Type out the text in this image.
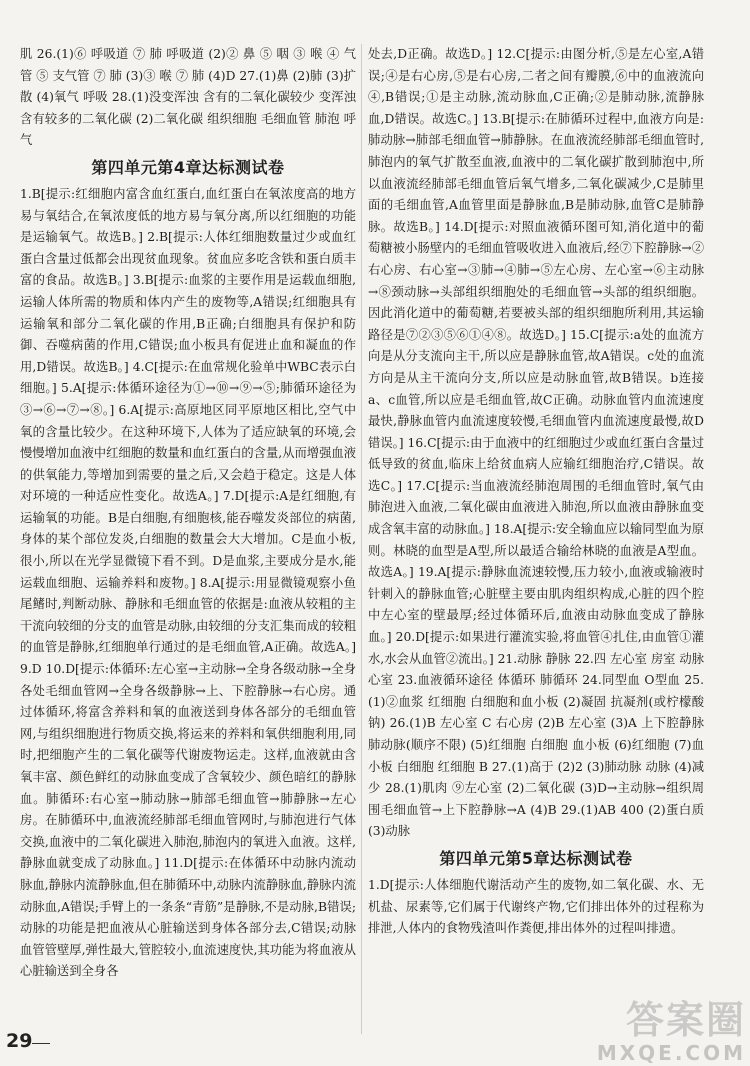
肌 26.(1)⑥ 呼吸道 ⑦ 肺 呼吸道 (2)② 鼻 ⑤ 咽 ③ 喉 ④ 气管 ⑤ 支气管 ⑦ 肺 (3)③ 喉 ⑦ 肺 (4)D 27.(1)鼻 (2)肺 (3)扩散 (4)氧气 呼吸 28.(1)没变浑浊 含有的二氧化碳较少 变浑浊 含有较多的二氧化碳 (2)二氧化碳 组织细胞 毛细血管 肺泡 呼气

第四单元第4章达标测试卷

1.B[提示:红细胞内富含血红蛋白,血红蛋白在氧浓度高的地方易与氧结合,在氧浓度低的地方易与氧分离,所以红细胞的功能是运输氧气。故选B。] 2.B[提示:人体红细胞数量过少或血红蛋白含量过低都会出现贫血现象。贫血应多吃含铁和蛋白质丰富的食品。故选B。] 3.B[提示:血浆的主要作用是运载血细胞,运输人体所需的物质和体内产生的废物等,A错误;红细胞具有运输氧和部分二氧化碳的作用,B正确;白细胞具有保护和防御、吞噬病菌的作用,C错误;血小板具有促进止血和凝血的作用,D错误。故选B。] 4.C[提示:在血常规化验单中WBC表示白细胞。] 5.A[提示:体循环途径为①→⑩→⑨→⑤;肺循环途径为③→⑥→⑦→⑧。] 6.A[提示:高原地区同平原地区相比,空气中氧的含量比较少。在这种环境下,人体为了适应缺氧的环境,会慢慢增加血液中红细胞的数量和血红蛋白的含量,从而增强血液的供氧能力,等增加到需要的量之后,又会趋于稳定。这是人体对环境的一种适应性变化。故选A。] 7.D[提示:A是红细胞,有运输氧的功能。B是白细胞,有细胞核,能吞噬发炎部位的病菌,身体的某个部位发炎,白细胞的数量会大大增加。C是血小板,很小,所以在光学显微镜下看不到。D是血浆,主要成分是水,能运载血细胞、运输养料和废物。] 8.A[提示:用显微镜观察小鱼尾鳍时,判断动脉、静脉和毛细血管的依据是:血液从较粗的主干流向较细的分支的血管是动脉,由较细的分支汇集而成的较粗的血管是静脉,红细胞单行通过的是毛细血管,A正确。故选A。] 9.D 10.D[提示:体循环:左心室→主动脉→全身各级动脉→全身各处毛细血管网→全身各级静脉→上、下腔静脉→右心房。通过体循环,将富含养料和氧的血液送到身体各部分的毛细血管网,与组织细胞进行物质交换,将运来的养料和氧供细胞利用,同时,把细胞产生的二氧化碳等代谢废物运走。这样,血液就由含氧丰富、颜色鲜红的动脉血变成了含氧较少、颜色暗红的静脉血。肺循环:右心室→肺动脉→肺部毛细血管→肺静脉→左心房。在肺循环中,血液流经肺部毛细血管网时,与肺泡进行气体交换,血液中的二氧化碳进入肺泡,肺泡内的氧进入血液。这样,静脉血就变成了动脉血。] 11.D[提示:在体循环中动脉内流动脉血,静脉内流静脉血,但在肺循环中,动脉内流静脉血,静脉内流动脉血,A错误;手臂上的一条条“青筋”是静脉,不是动脉,B错误;动脉的功能是把血液从心脏输送到身体各部分去,C错误;动脉血管管壁厚,弹性最大,管腔较小,血流速度快,其功能为将血液从心脏输送到全身各

处去,D正确。故选D。] 12.C[提示:由图分析,⑤是左心室,A错误;④是右心房,⑤是右心房,二者之间有瓣膜,⑥中的血液流向④,B错误;①是主动脉,流动脉血,C正确;②是肺动脉,流静脉血,D错误。故选C。] 13.B[提示:在肺循环过程中,血液方向是:肺动脉→肺部毛细血管→肺静脉。在血液流经肺部毛细血管时,肺泡内的氧气扩散至血液,血液中的二氧化碳扩散到肺泡中,所以血液流经肺部毛细血管后氧气增多,二氧化碳减少,C是肺里面的毛细血管,A血管里面是静脉血,B是肺动脉,血管C是肺静脉。故选B。] 14.D[提示:对照血液循环图可知,消化道中的葡萄糖被小肠壁内的毛细血管吸收进入血液后,经⑦下腔静脉→②右心房、右心室→③肺→④肺→⑤左心房、左心室→⑥主动脉→⑧颈动脉→头部组织细胞处的毛细血管→头部的组织细胞。因此消化道中的葡萄糖,若要被头部的组织细胞所利用,其运输路径是⑦②③⑤⑥①④⑧。故选D。] 15.C[提示:a处的血流方向是从分支流向主干,所以应是静脉血管,故A错误。c处的血流方向是从主干流向分支,所以应是动脉血管,故B错误。b连接a、c血管,所以应是毛细血管,故C正确。动脉血管内血流速度最快,静脉血管内血流速度较慢,毛细血管内血流速度最慢,故D错误。] 16.C[提示:由于血液中的红细胞过少或血红蛋白含量过低导致的贫血,临床上给贫血病人应输红细胞治疗,C错误。故选C。] 17.C[提示:当血液流经肺泡周围的毛细血管时,氧气由肺泡进入血液,二氧化碳由血液进入肺泡,所以血液由静脉血变成含氧丰富的动脉血。] 18.A[提示:安全输血应以输同型血为原则。林晓的血型是A型,所以最适合输给林晓的血液是A型血。故选A。] 19.A[提示:静脉血流速较慢,压力较小,血液或输液时针刺入的静脉血管;心脏壁主要由肌肉组织构成,心脏的四个腔中左心室的壁最厚;经过体循环后,血液由动脉血变成了静脉血。] 20.D[提示:如果进行灌流实验,将血管④扎住,由血管①灌水,水会从血管②流出。] 21.动脉 静脉 22.四 左心室 房室 动脉 心室 23.血液循环途径 体循环 肺循环 24.同型血 O型血 25.(1)②血浆 红细胞 白细胞和血小板 (2)凝固 抗凝剂(或柠檬酸钠) 26.(1)B 左心室 C 右心房 (2)B 左心室 (3)A 上下腔静脉 肺动脉(顺序不限) (5)红细胞 白细胞 血小板 (6)红细胞 (7)血小板 白细胞 红细胞 B 27.(1)高于 (2)2 (3)肺动脉 动脉 (4)减少 28.(1)肌肉 ⑨左心室 (2)二氧化碳 (3)D→主动脉→组织周围毛细血管→上下腔静脉→A (4)B 29.(1)AB 400 (2)蛋白质 (3)动脉

第四单元第5章达标测试卷

1.D[提示:人体细胞代谢活动产生的废物,如二氧化碳、水、无机盐、尿素等,它们属于代谢终产物,它们排出体外的过程称为排泄,人体内的食物残渣叫作粪便,排出体外的过程叫排遗。

29	答案圈
MXQE.COM
